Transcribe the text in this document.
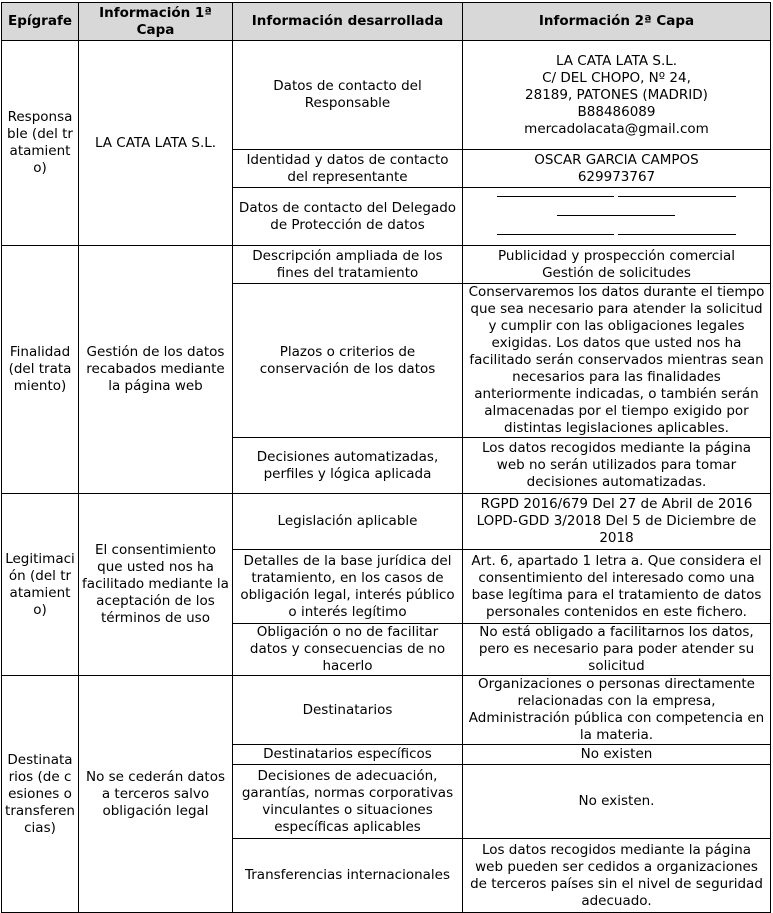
Epígrafe	Información 1ª Capa	Información desarrollada	Información 2ª Capa
Responsable (del tratamiento)	LA CATA LATA S.L.	Datos de contacto del Responsable	LA CATA LATA S.L.
C/ DEL CHOPO, Nº 24,
28189, PATONES (MADRID)
B88486089
mercadolacata@gmail.com

		Identidad y datos de contacto del representante	OSCAR GARCIA CAMPOS
629973767

		Datos de contacto del Delegado de Protección de datos	

Finalidad (del tratamiento)	Gestión de los datos recabados mediante la página web	Descripción ampliada de los fines del tratamiento	Publicidad y prospección comercial
Gestión de solicitudes

		Plazos o criterios de conservación de los datos	Conservaremos los datos durante el tiempo que sea necesario para atender la solicitud y cumplir con las obligaciones legales exigidas. Los datos que usted nos ha facilitado serán conservados mientras sean necesarios para las finalidades anteriormente indicadas, o también serán almacenadas por el tiempo exigido por distintas legislaciones aplicables.
		Decisiones automatizadas, perfiles y lógica aplicada	Los datos recogidos mediante la página web no serán utilizados para tomar decisiones automatizadas.
Legitimación (del tratamiento)	El consentimiento que usted nos ha facilitado mediante la aceptación de los términos de uso	Legislación aplicable	RGPD 2016/679 Del 27 de Abril de 2016 LOPD-GDD 3/2018 Del 5 de Diciembre de 2018
		Detalles de la base jurídica del tratamiento, en los casos de obligación legal, interés público o interés legítimo	Art. 6, apartado 1 letra a. Que considera el consentimiento del interesado como una base legítima para el tratamiento de datos personales contenidos en este fichero.
		Obligación o no de facilitar datos y consecuencias de no hacerlo	No está obligado a facilitarnos los datos, pero es necesario para poder atender su solicitud
Destinatarios (de cesiones o transferencias)	No se cederán datos a terceros salvo obligación legal	Destinatarios	Organizaciones o personas directamente relacionadas con la empresa, Administración pública con competencia en la materia.
		Destinatarios específicos	No existen
		Decisiones de adecuación, garantías, normas corporativas vinculantes o situaciones específicas aplicables	No existen.
		Transferencias internacionales	Los datos recogidos mediante la página web pueden ser cedidos a organizaciones de terceros países sin el nivel de seguridad adecuado.
